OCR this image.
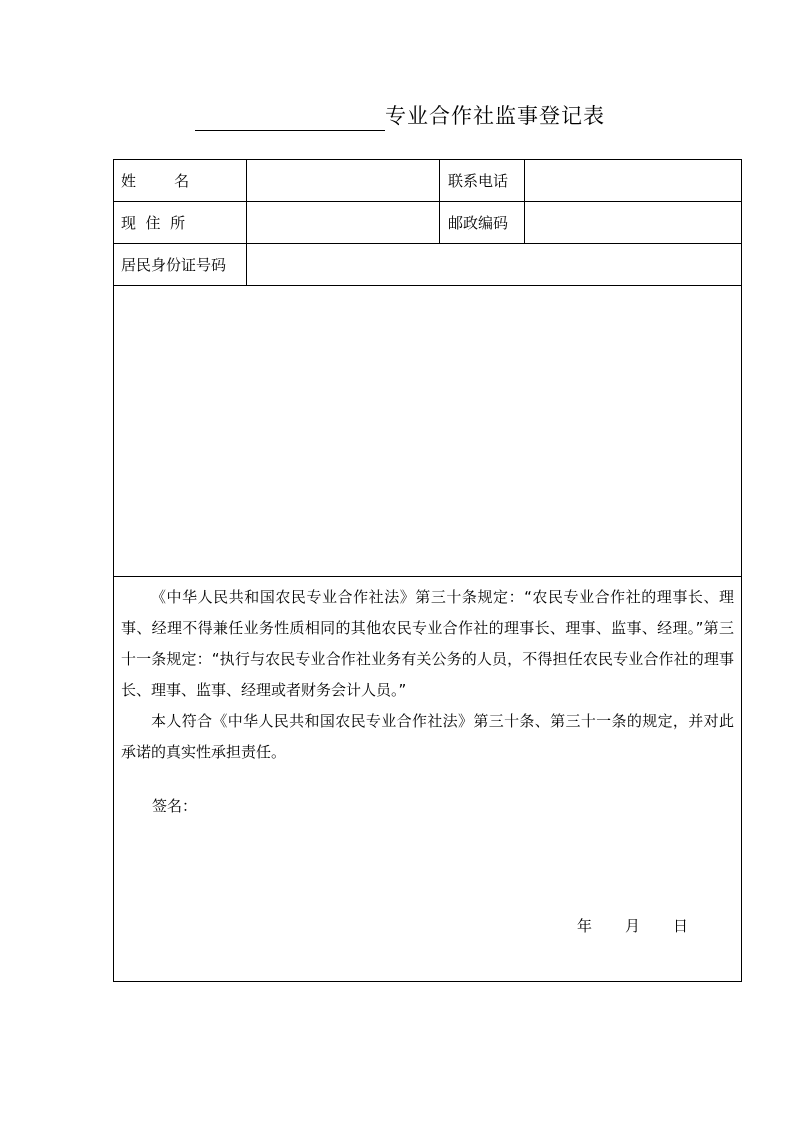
专业合作社监事登记表
姓        名	联系电话
现  住  所	邮政编码
居民身份证号码

《中华人民共和国农民专业合作社法》第三十条规定：“农民专业合作社的理事长、理事、经理不得兼任业务性质相同的其他农民专业合作社的理事长、理事、监事、经理。”第三十一条规定：“执行与农民专业合作社业务有关公务的人员，不得担任农民专业合作社的理事长、理事、监事、经理或者财务会计人员。”

本人符合《中华人民共和国农民专业合作社法》第三十条、第三十一条的规定，并对此承诺的真实性承担责任。

签名：
年	月	日
